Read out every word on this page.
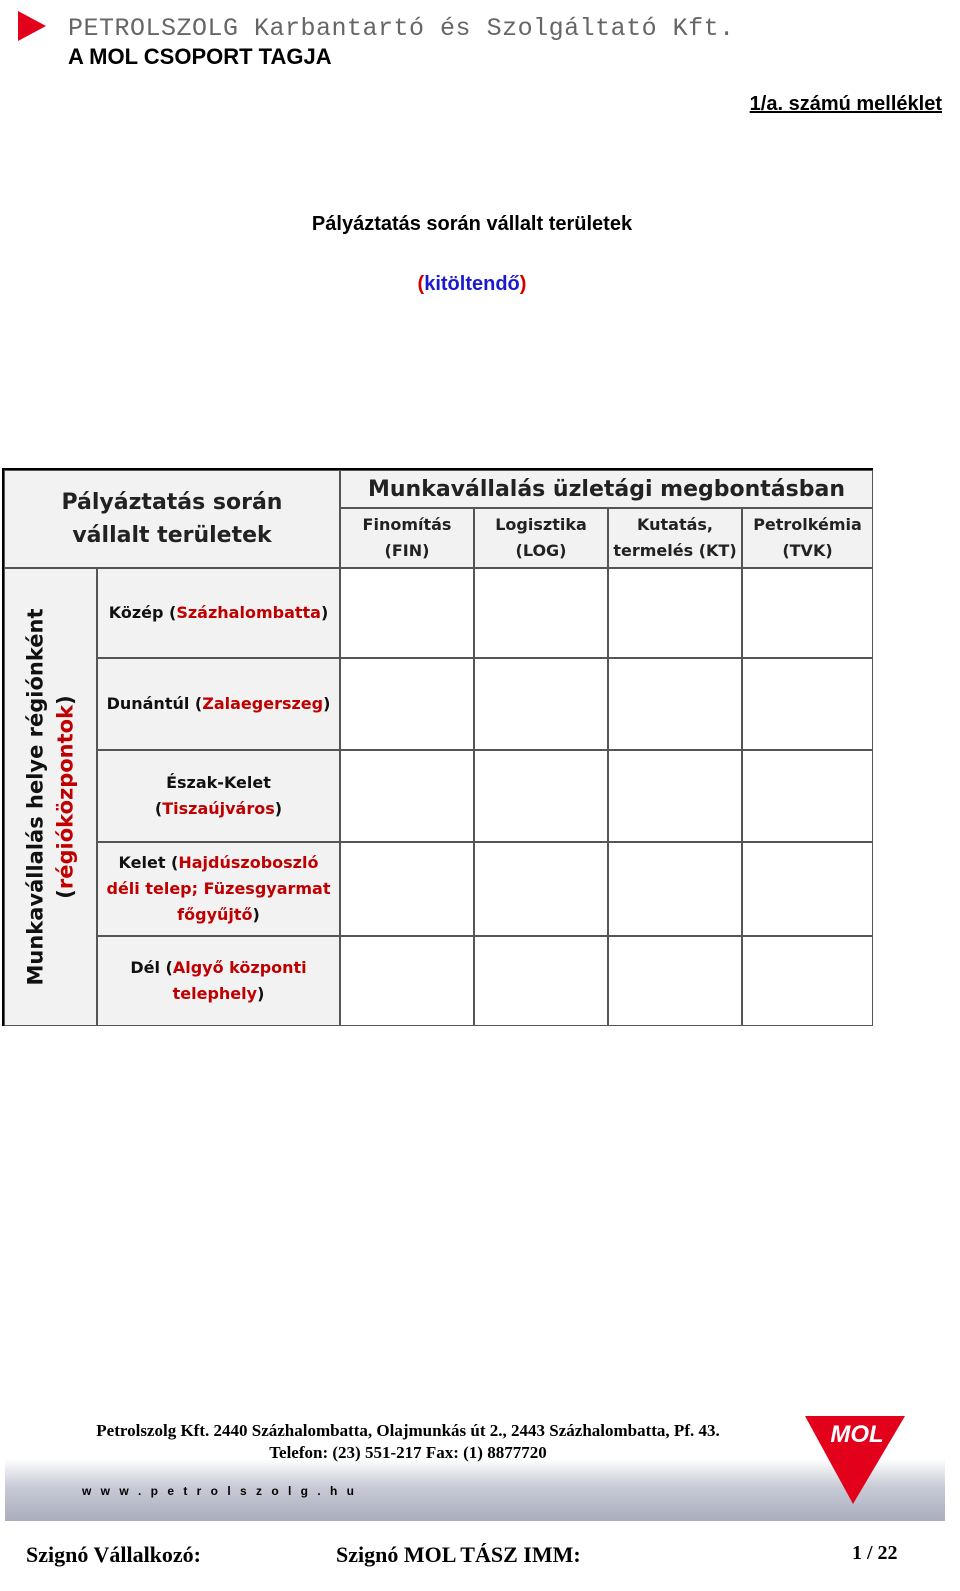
PETROLSZOLG Karbantartó és Szolgáltató Kft.
A MOL CSOPORT TAGJA
1/a. számú melléklet
Pályáztatás során vállalt területek
(kitöltendő)
Pályáztatás során vállalt területek
Munkavállalás üzletági megbontásban
Finomítás
(FIN)
Logisztika
(LOG)
Kutatás,
termelés (KT)
Petrolkémia
(TVK)
Munkavállalás helye régiónként (régióközpontok)
Közép (Százhalombatta)
Dunántúl (Zalaegerszeg)
Észak-Kelet (Tiszaújváros)
Kelet (Hajdúszoboszló déli telep; Füzesgyarmat főgyűjtő)
Dél (Algyő központi telephely)
Petrolszolg Kft. 2440 Százhalombatta, Olajmunkás út 2., 2443 Százhalombatta, Pf. 43.
Telefon: (23) 551-217 Fax: (1) 8877720
w w w . p e t r o l s z o l g . h u
MOL
Szignó Vállalkozó:	Szignó MOL TÁSZ IMM:	1 / 22
